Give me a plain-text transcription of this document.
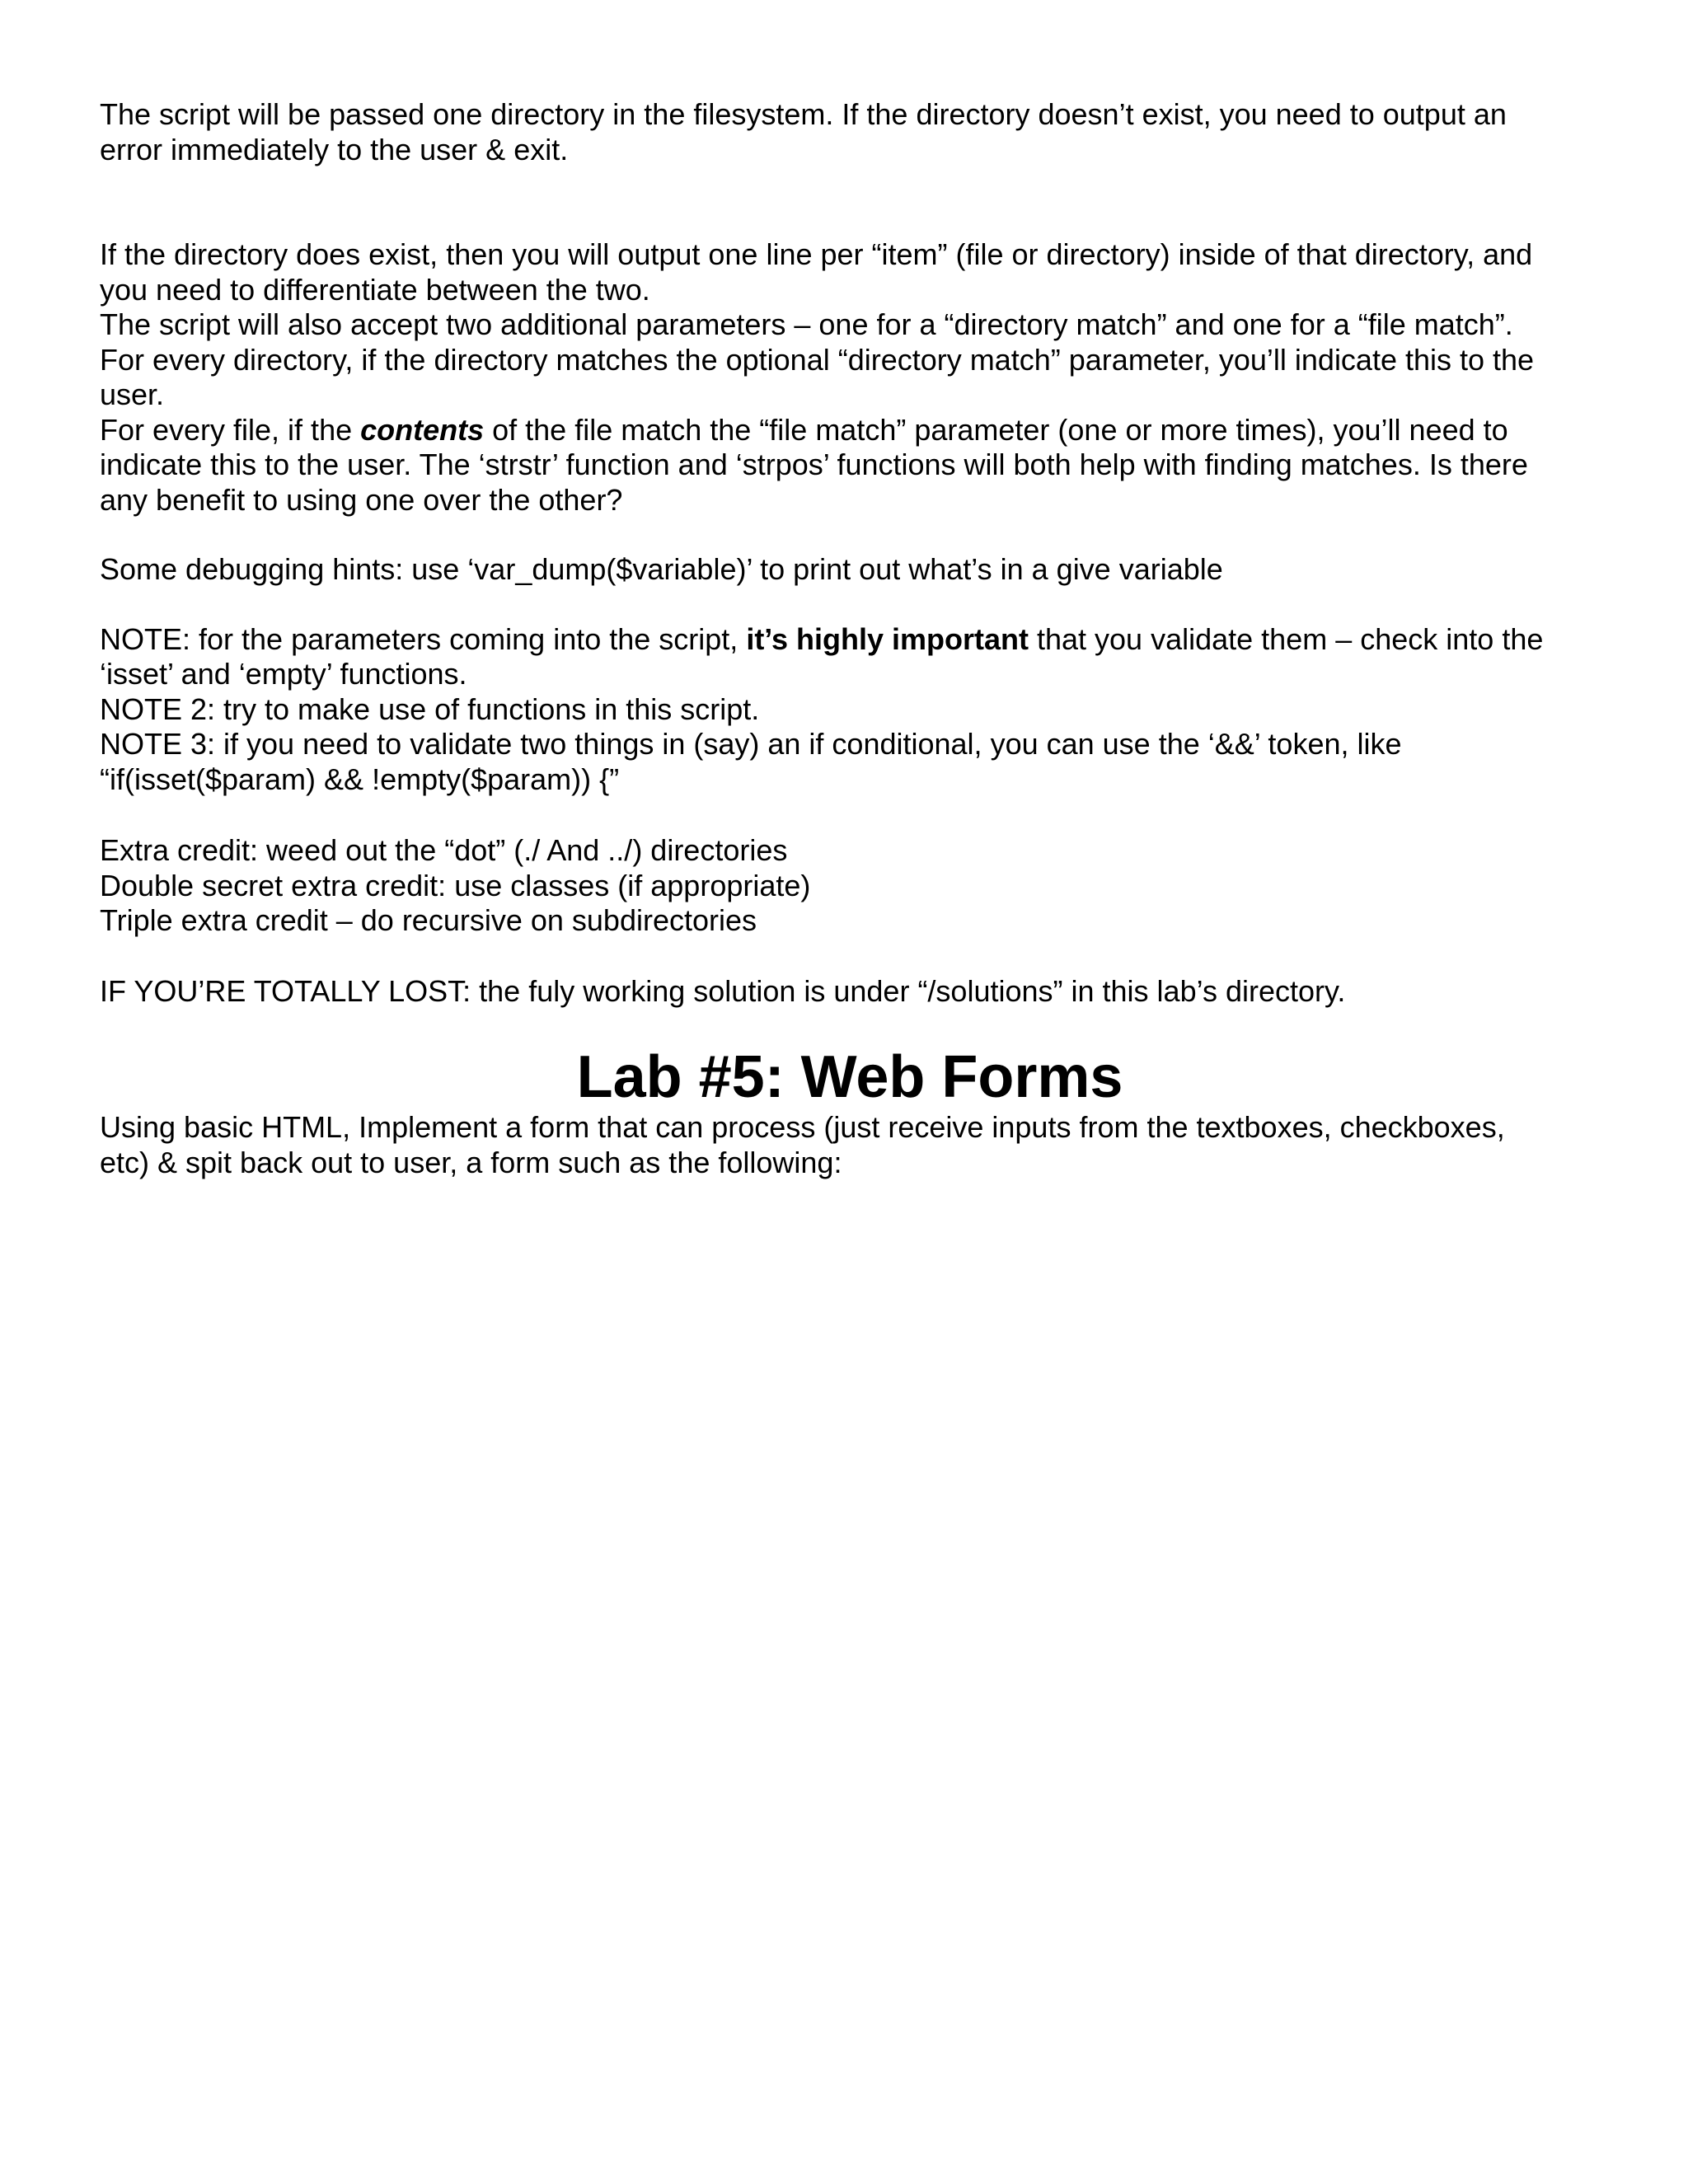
The script will be passed one directory in the filesystem. If the directory doesn’t exist, you need to output an

error immediately to the user & exit.

If the directory does exist, then you will output one line per “item” (file or directory) inside of that directory, and

you need to differentiate between the two.

The script will also accept two additional parameters – one for a “directory match” and one for a “file match”.

For every directory, if the directory matches the optional “directory match” parameter, you’ll indicate this to the

user.

For every file, if the contents of the file match the “file match” parameter (one or more times), you’ll need to

indicate this to the user. The ‘strstr’ function and ‘strpos’ functions will both help with finding matches. Is there

any benefit to using one over the other?

Some debugging hints: use ‘var_dump($variable)’ to print out what’s in a give variable

NOTE: for the parameters coming into the script, it’s highly important that you validate them – check into the

‘isset’ and ‘empty’ functions.

NOTE 2: try to make use of functions in this script.

NOTE 3: if you need to validate two things in (say) an if conditional, you can use the ‘&&’ token, like

“if(isset($param) && !empty($param)) {”

Extra credit: weed out the “dot” (./ And ../) directories

Double secret extra credit: use classes (if appropriate)

Triple extra credit – do recursive on subdirectories

IF YOU’RE TOTALLY LOST: the fuly working solution is under “/solutions” in this lab’s directory.

Lab #5: Web Forms

Using basic HTML, Implement a form that can process (just receive inputs from the textboxes, checkboxes,

etc) & spit back out to user, a form such as the following:
